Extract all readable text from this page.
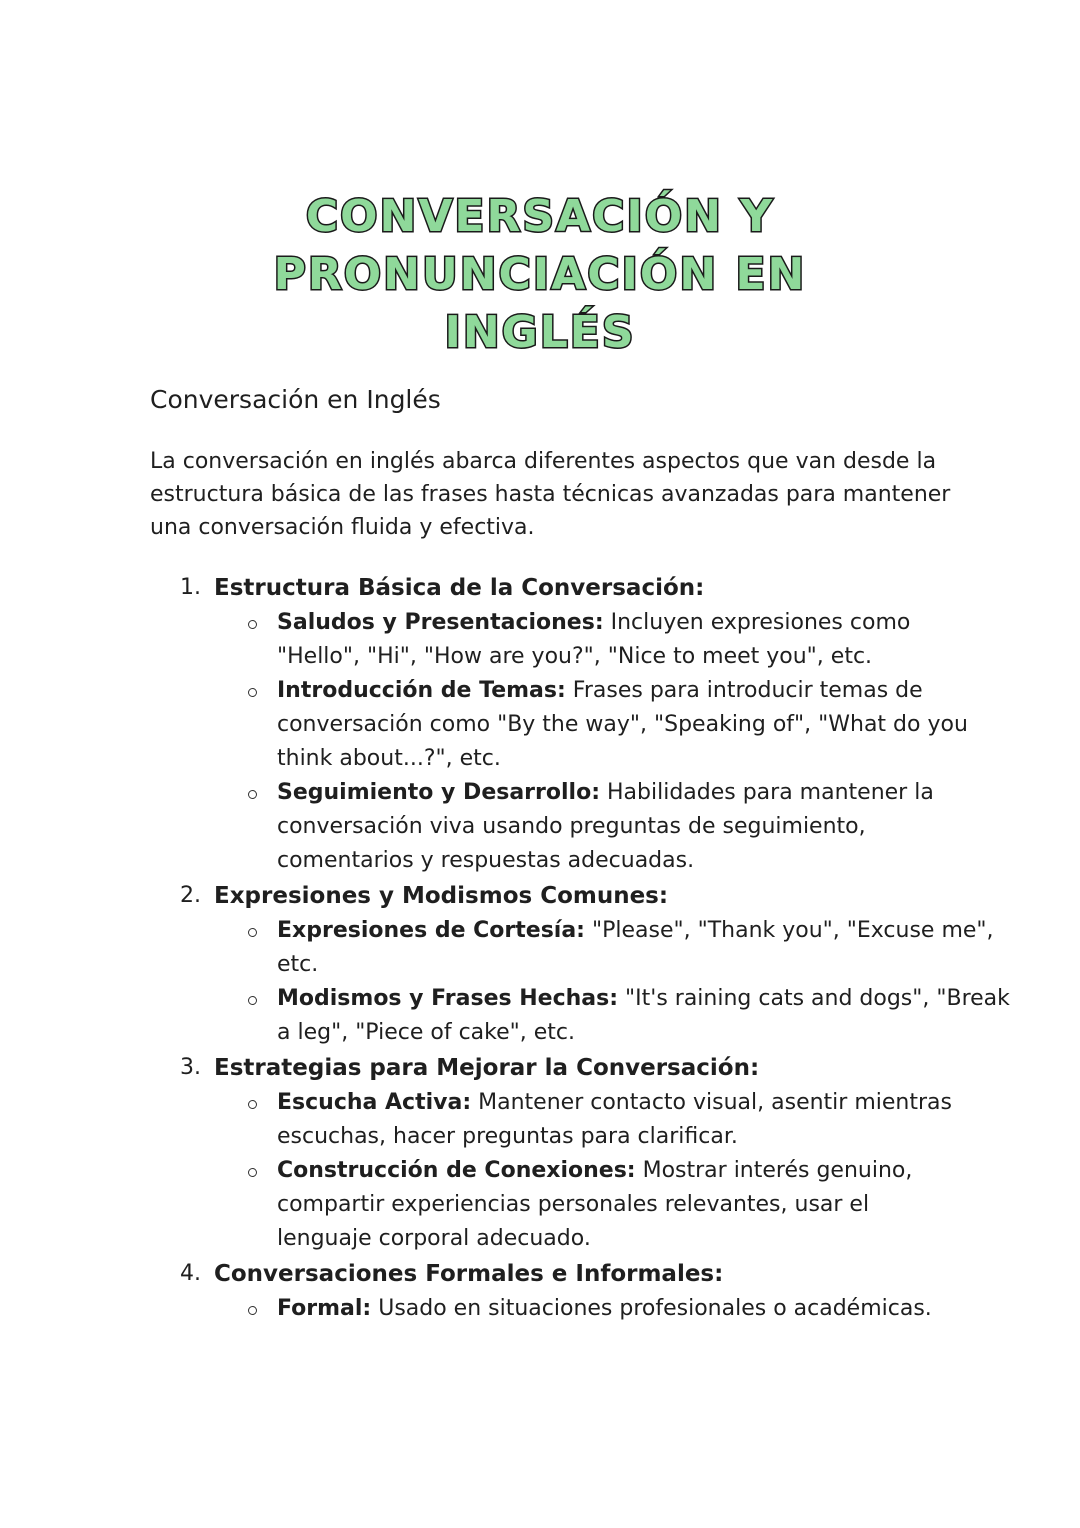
CONVERSACIÓN Y
PRONUNCIACIÓN EN
INGLÉS
Conversación en Inglés
La conversación en inglés abarca diferentes aspectos que van desde la
estructura básica de las frases hasta técnicas avanzadas para mantener
una conversación fluida y efectiva.
1. Estructura Básica de la Conversación:
Saludos y Presentaciones: Incluyen expresiones como
"Hello", "Hi", "How are you?", "Nice to meet you", etc.
Introducción de Temas: Frases para introducir temas de
conversación como "By the way", "Speaking of", "What do you
think about...?", etc.
Seguimiento y Desarrollo: Habilidades para mantener la
conversación viva usando preguntas de seguimiento,
comentarios y respuestas adecuadas.
2. Expresiones y Modismos Comunes:
Expresiones de Cortesía: "Please", "Thank you", "Excuse me",
etc.
Modismos y Frases Hechas: "It's raining cats and dogs", "Break
a leg", "Piece of cake", etc.
3. Estrategias para Mejorar la Conversación:
Escucha Activa: Mantener contacto visual, asentir mientras
escuchas, hacer preguntas para clarificar.
Construcción de Conexiones: Mostrar interés genuino,
compartir experiencias personales relevantes, usar el
lenguaje corporal adecuado.
4. Conversaciones Formales e Informales:
Formal: Usado en situaciones profesionales o académicas.
